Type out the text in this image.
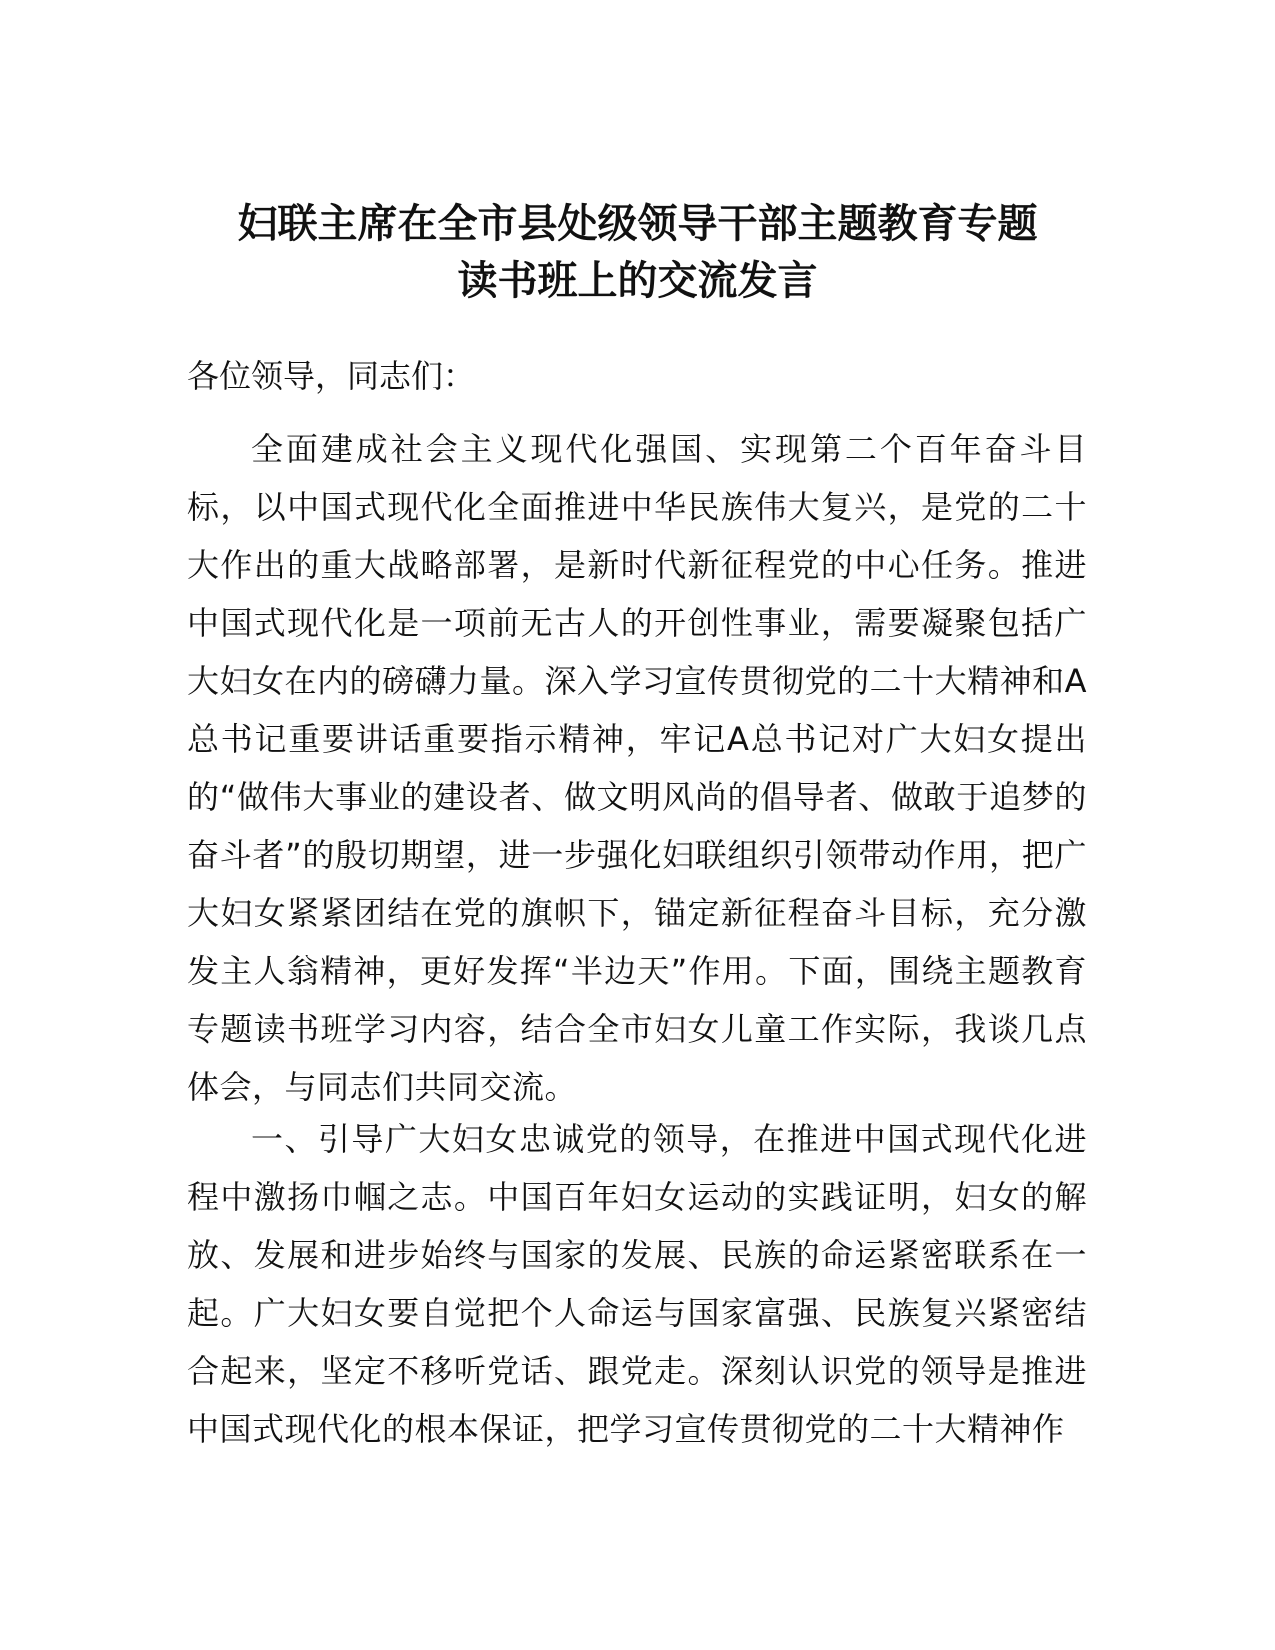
妇联主席在全市县处级领导干部主题教育专题
读书班上的交流发言
各位领导，同志们：

全面建成社会主义现代化强国、实现第二个百年奋斗目标，以中国式现代化全面推进中华民族伟大复兴，是党的二十大作出的重大战略部署，是新时代新征程党的中心任务。推进中国式现代化是一项前无古人的开创性事业，需要凝聚包括广大妇女在内的磅礴力量。深入学习宣传贯彻党的二十大精神和A总书记重要讲话重要指示精神，牢记A总书记对广大妇女提出的“做伟大事业的建设者、做文明风尚的倡导者、做敢于追梦的奋斗者”的殷切期望，进一步强化妇联组织引领带动作用，把广大妇女紧紧团结在党的旗帜下，锚定新征程奋斗目标，充分激发主人翁精神，更好发挥“半边天”作用。下面，围绕主题教育专题读书班学习内容，结合全市妇女儿童工作实际，我谈几点体会，与同志们共同交流。

一、引导广大妇女忠诚党的领导，在推进中国式现代化进程中激扬巾帼之志。中国百年妇女运动的实践证明，妇女的解放、发展和进步始终与国家的发展、民族的命运紧密联系在一起。广大妇女要自觉把个人命运与国家富强、民族复兴紧密结合起来，坚定不移听党话、跟党走。深刻认识党的领导是推进中国式现代化的根本保证，把学习宣传贯彻党的二十大精神作
